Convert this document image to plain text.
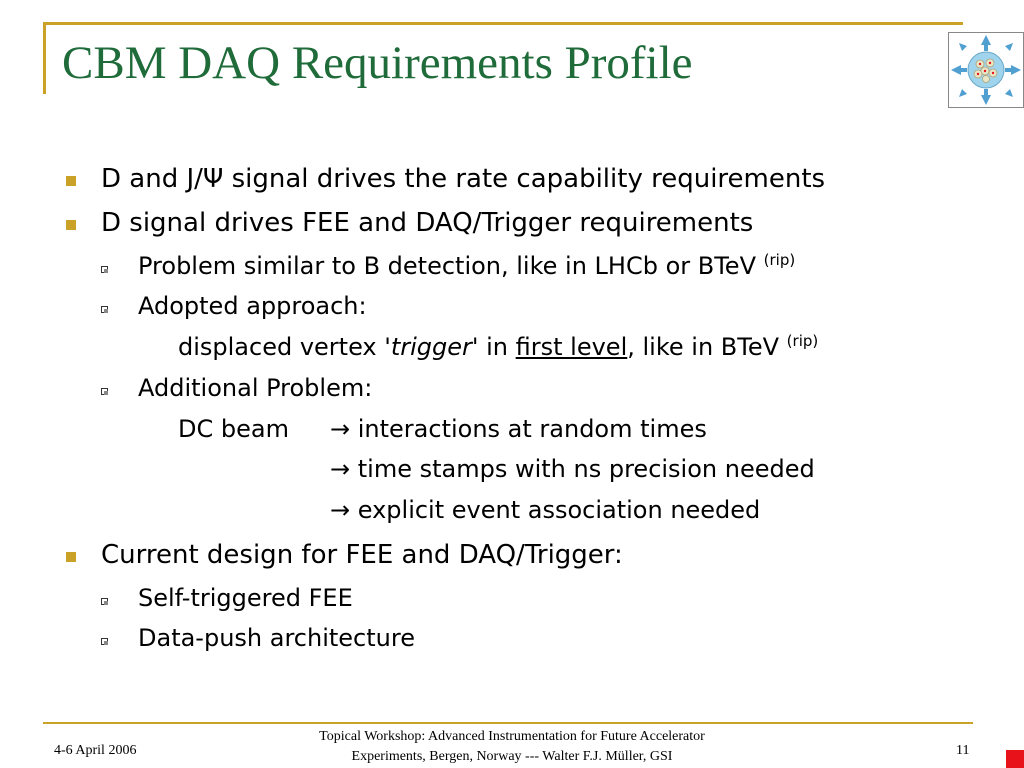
CBM DAQ Requirements Profile
D and J/Ψ signal drives the rate capability requirements
D signal drives FEE and DAQ/Trigger requirements
Problem similar to B detection, like in LHCb or BTeV $^{(rip)}$
Adopted approach:
displaced vertex 'trigger' in first level, like in BTeV $^{(rip)}$
Additional Problem:
DC beam → interactions at random times
→ time stamps with ns precision needed
→ explicit event association needed
Current design for FEE and DAQ/Trigger:
Self-triggered FEE
Data-push architecture
4-6 April 2006
Topical Workshop: Advanced Instrumentation for Future Accelerator
Experiments, Bergen, Norway --- Walter F.J. Müller, GSI	11
